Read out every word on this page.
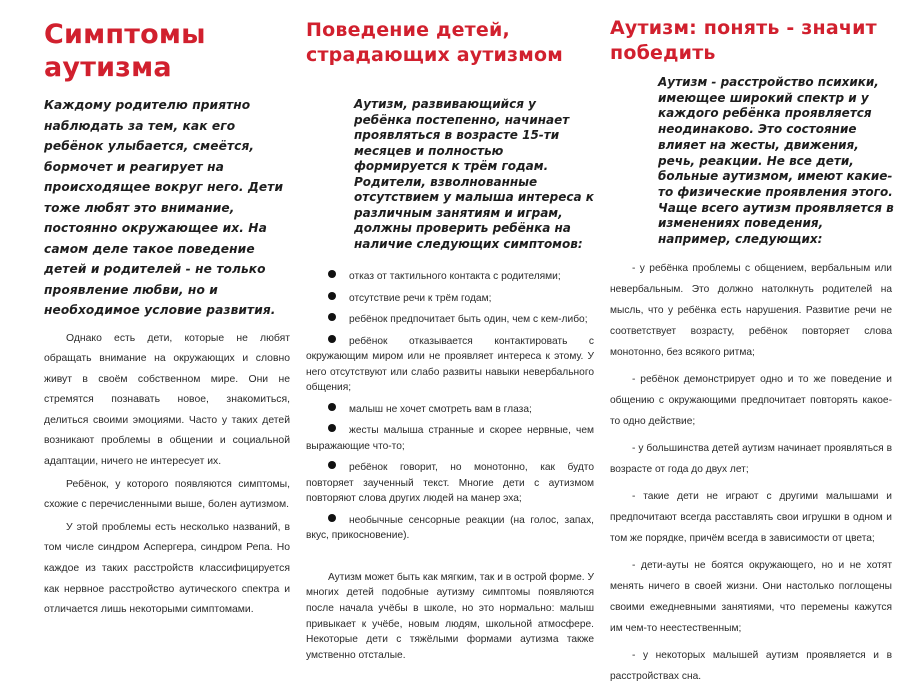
Симптомы аутизма

Каждому родителю приятно наблюдать за тем, как его ребёнок улыбается, смеётся, бормочет и реагирует на происходящее вокруг него. Дети тоже любят это внимание, постоянно окружающее их. На самом деле такое поведение детей и родителей - не только проявление любви, но и необходимое условие развития.

Однако есть дети, которые не любят обращать внимание на окружающих и словно живут в своём собственном мире. Они не стремятся познавать новое, знакомиться, делиться своими эмоциями. Часто у таких детей возникают проблемы в общении и социальной адаптации, ничего не интересует их.

Ребёнок, у которого появляются симптомы, схожие с перечисленными выше, болен аутизмом.

У этой проблемы есть несколько названий, в том числе синдром Аспергера, синдром Репа. Но каждое из таких расстройств классифицируется как нервное расстройство аутического спектра и отличается лишь некоторыми симптомами.

Поведение детей, страдающих аутизмом

Аутизм, развивающийся у ребёнка постепенно, начинает проявляться в возрасте 15-ти месяцев и полностью формируется к трём годам. Родители, взволнованные отсутствием у малыша интереса к различным занятиям и играм, должны проверить ребёнка на наличие следующих симптомов:

отказ от тактильного контакта с родителями;
отсутствие речи к трём годам;
ребёнок предпочитает быть один, чем с кем-либо;
ребёнок отказывается контактировать с окружающим миром или не проявляет интереса к этому. У него отсутствуют или слабо развиты навыки невербального общения;
малыш не хочет смотреть вам в глаза;
жесты малыша странные и скорее нервные, чем выражающие что-то;
ребёнок говорит, но монотонно, как будто повторяет заученный текст. Многие дети с аутизмом повторяют слова других людей на манер эха;
необычные сенсорные реакции (на голос, запах, вкус, прикосновение).

Аутизм может быть как мягким, так и в острой форме. У многих детей подобные аутизму симптомы появляются после начала учёбы в школе, но это нормально: малыш привыкает к учёбе, новым людям, школьной атмосфере. Некоторые дети с тяжёлыми формами аутизма также умственно отсталые.

Аутизм: понять - значит победить

Аутизм - расстройство психики, имеющее широкий спектр и у каждого ребёнка проявляется неодинаково. Это состояние влияет на жесты, движения, речь, реакции. Не все дети, больные аутизмом, имеют какие-то физические проявления этого. Чаще всего аутизм проявляется в изменениях поведения, например, следующих:

- у ребёнка проблемы с общением, вербальным или невербальным. Это должно натолкнуть родителей на мысль, что у ребёнка есть нарушения. Развитие речи не соответствует возрасту, ребёнок повторяет слова монотонно, без всякого ритма;

- ребёнок демонстрирует одно и то же поведение и общению с окружающими предпочитает повторять какое-то одно действие;

- у большинства детей аутизм начинает проявляться в возрасте от года до двух лет;

- такие дети не играют с другими малышами и предпочитают всегда расставлять свои игрушки в одном и том же порядке, причём всегда в зависимости от цвета;

- дети-ауты не боятся окружающего, но и не хотят менять ничего в своей жизни. Они настолько поглощены своими ежедневными занятиями, что перемены кажутся им чем-то неестественным;

- у некоторых малышей аутизм проявляется и в расстройствах сна.
